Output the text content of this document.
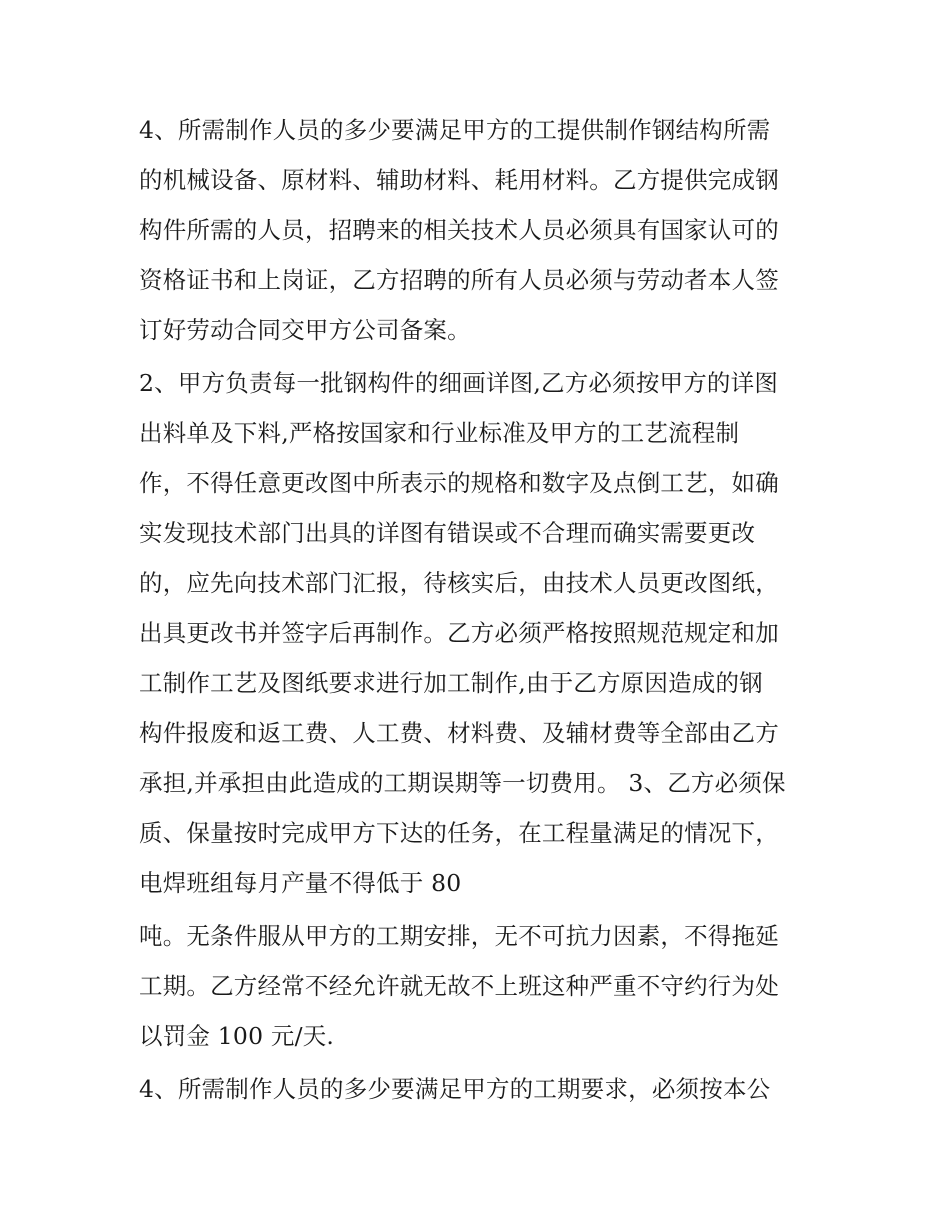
4、所需制作人员的多少要满足甲方的工提供制作钢结构所需
的机械设备、原材料、辅助材料、耗用材料。乙方提供完成钢
构件所需的人员，招聘来的相关技术人员必须具有国家认可的
资格证书和上岗证，乙方招聘的所有人员必须与劳动者本人签
订好劳动合同交甲方公司备案。
2、甲方负责每一批钢构件的细画详图,乙方必须按甲方的详图
出料单及下料,严格按国家和行业标准及甲方的工艺流程制
作，不得任意更改图中所表示的规格和数字及点倒工艺，如确
实发现技术部门出具的详图有错误或不合理而确实需要更改
的，应先向技术部门汇报，待核实后，由技术人员更改图纸，
出具更改书并签字后再制作。乙方必须严格按照规范规定和加
工制作工艺及图纸要求进行加工制作,由于乙方原因造成的钢
构件报废和返工费、人工费、材料费、及辅材费等全部由乙方
承担,并承担由此造成的工期误期等一切费用。 3、乙方必须保
质、保量按时完成甲方下达的任务，在工程量满足的情况下，
电焊班组每月产量不得低于 80
吨。无条件服从甲方的工期安排，无不可抗力因素，不得拖延
工期。乙方经常不经允许就无故不上班这种严重不守约行为处
以罚金 100 元/天.
4、所需制作人员的多少要满足甲方的工期要求，必须按本公
